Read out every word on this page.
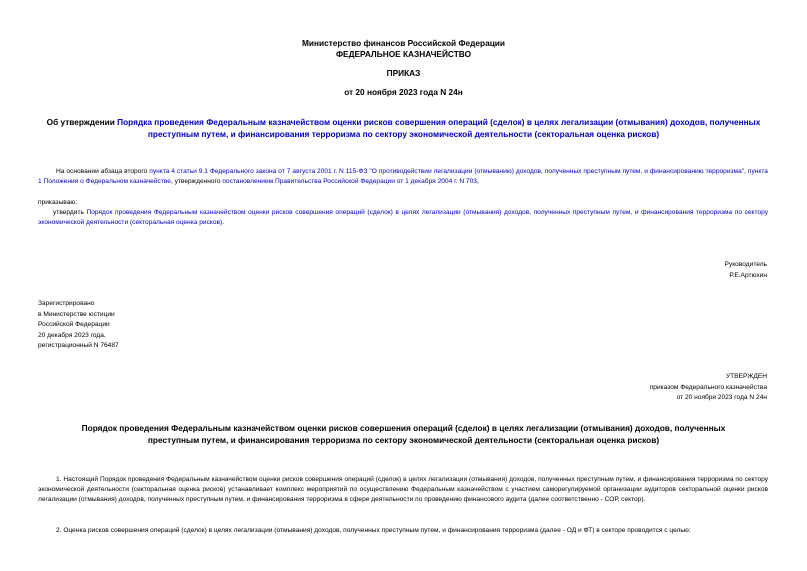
Министерство финансов Российской Федерации
ФЕДЕРАЛЬНОЕ КАЗНАЧЕЙСТВО
ПРИКАЗ
от 20 ноября 2023 года N 24н
Об утверждении Порядка проведения Федеральным казначейством оценки рисков совершения операций (сделок) в целях легализации (отмывания) доходов, полученных преступным путем, и финансирования терроризма по сектору экономической деятельности (секторальная оценка рисков)
На основании абзаца второго пункта 4 статьи 9.1 Федерального закона от 7 августа 2001 г. N 115-ФЗ "О противодействии легализации (отмыванию) доходов, полученных преступным путем, и финансированию терроризма", пункта 1 Положения о Федеральном казначействе, утвержденного постановлением Правительства Российской Федерации от 1 декабря 2004 г. N 703,
приказываю:
утвердить Порядок проведения Федеральным казначейством оценки рисков совершения операций (сделок) в целях легализации (отмывания) доходов, полученных преступным путем, и финансирования терроризма по сектору экономической деятельности (секторальная оценка рисков).
Руководитель
Р.Е.Артюхин
Зарегистрировано
в Министерстве юстиции
Российской Федерации
20 декабря 2023 года,
регистрационный N 76487
УТВЕРЖДЕН
приказом Федерального казначейства
от 20 ноября 2023 года N 24н
Порядок проведения Федеральным казначейством оценки рисков совершения операций (сделок) в целях легализации (отмывания) доходов, полученных преступным путем, и финансирования терроризма по сектору экономической деятельности (секторальная оценка рисков)
1. Настоящий Порядок проведения Федеральным казначейством оценки рисков совершения операций (сделок) в целях легализации (отмывания) доходов, полученных преступным путем, и финансирования терроризма по сектору экономической деятельности (секторальная оценка рисков) устанавливает комплекс мероприятий по осуществлению Федеральным казначейством с участием саморегулируемой организации аудиторов секторальной оценки рисков легализации (отмывания) доходов, полученных преступным путем, и финансирования терроризма в сфере деятельности по проведению финансового аудита (далее соответственно - СОР, сектор).
2. Оценка рисков совершения операций (сделок) в целях легализации (отмывания) доходов, полученных преступным путем, и финансирования терроризма (далее - ОД и ФТ) в секторе проводится с целью:
